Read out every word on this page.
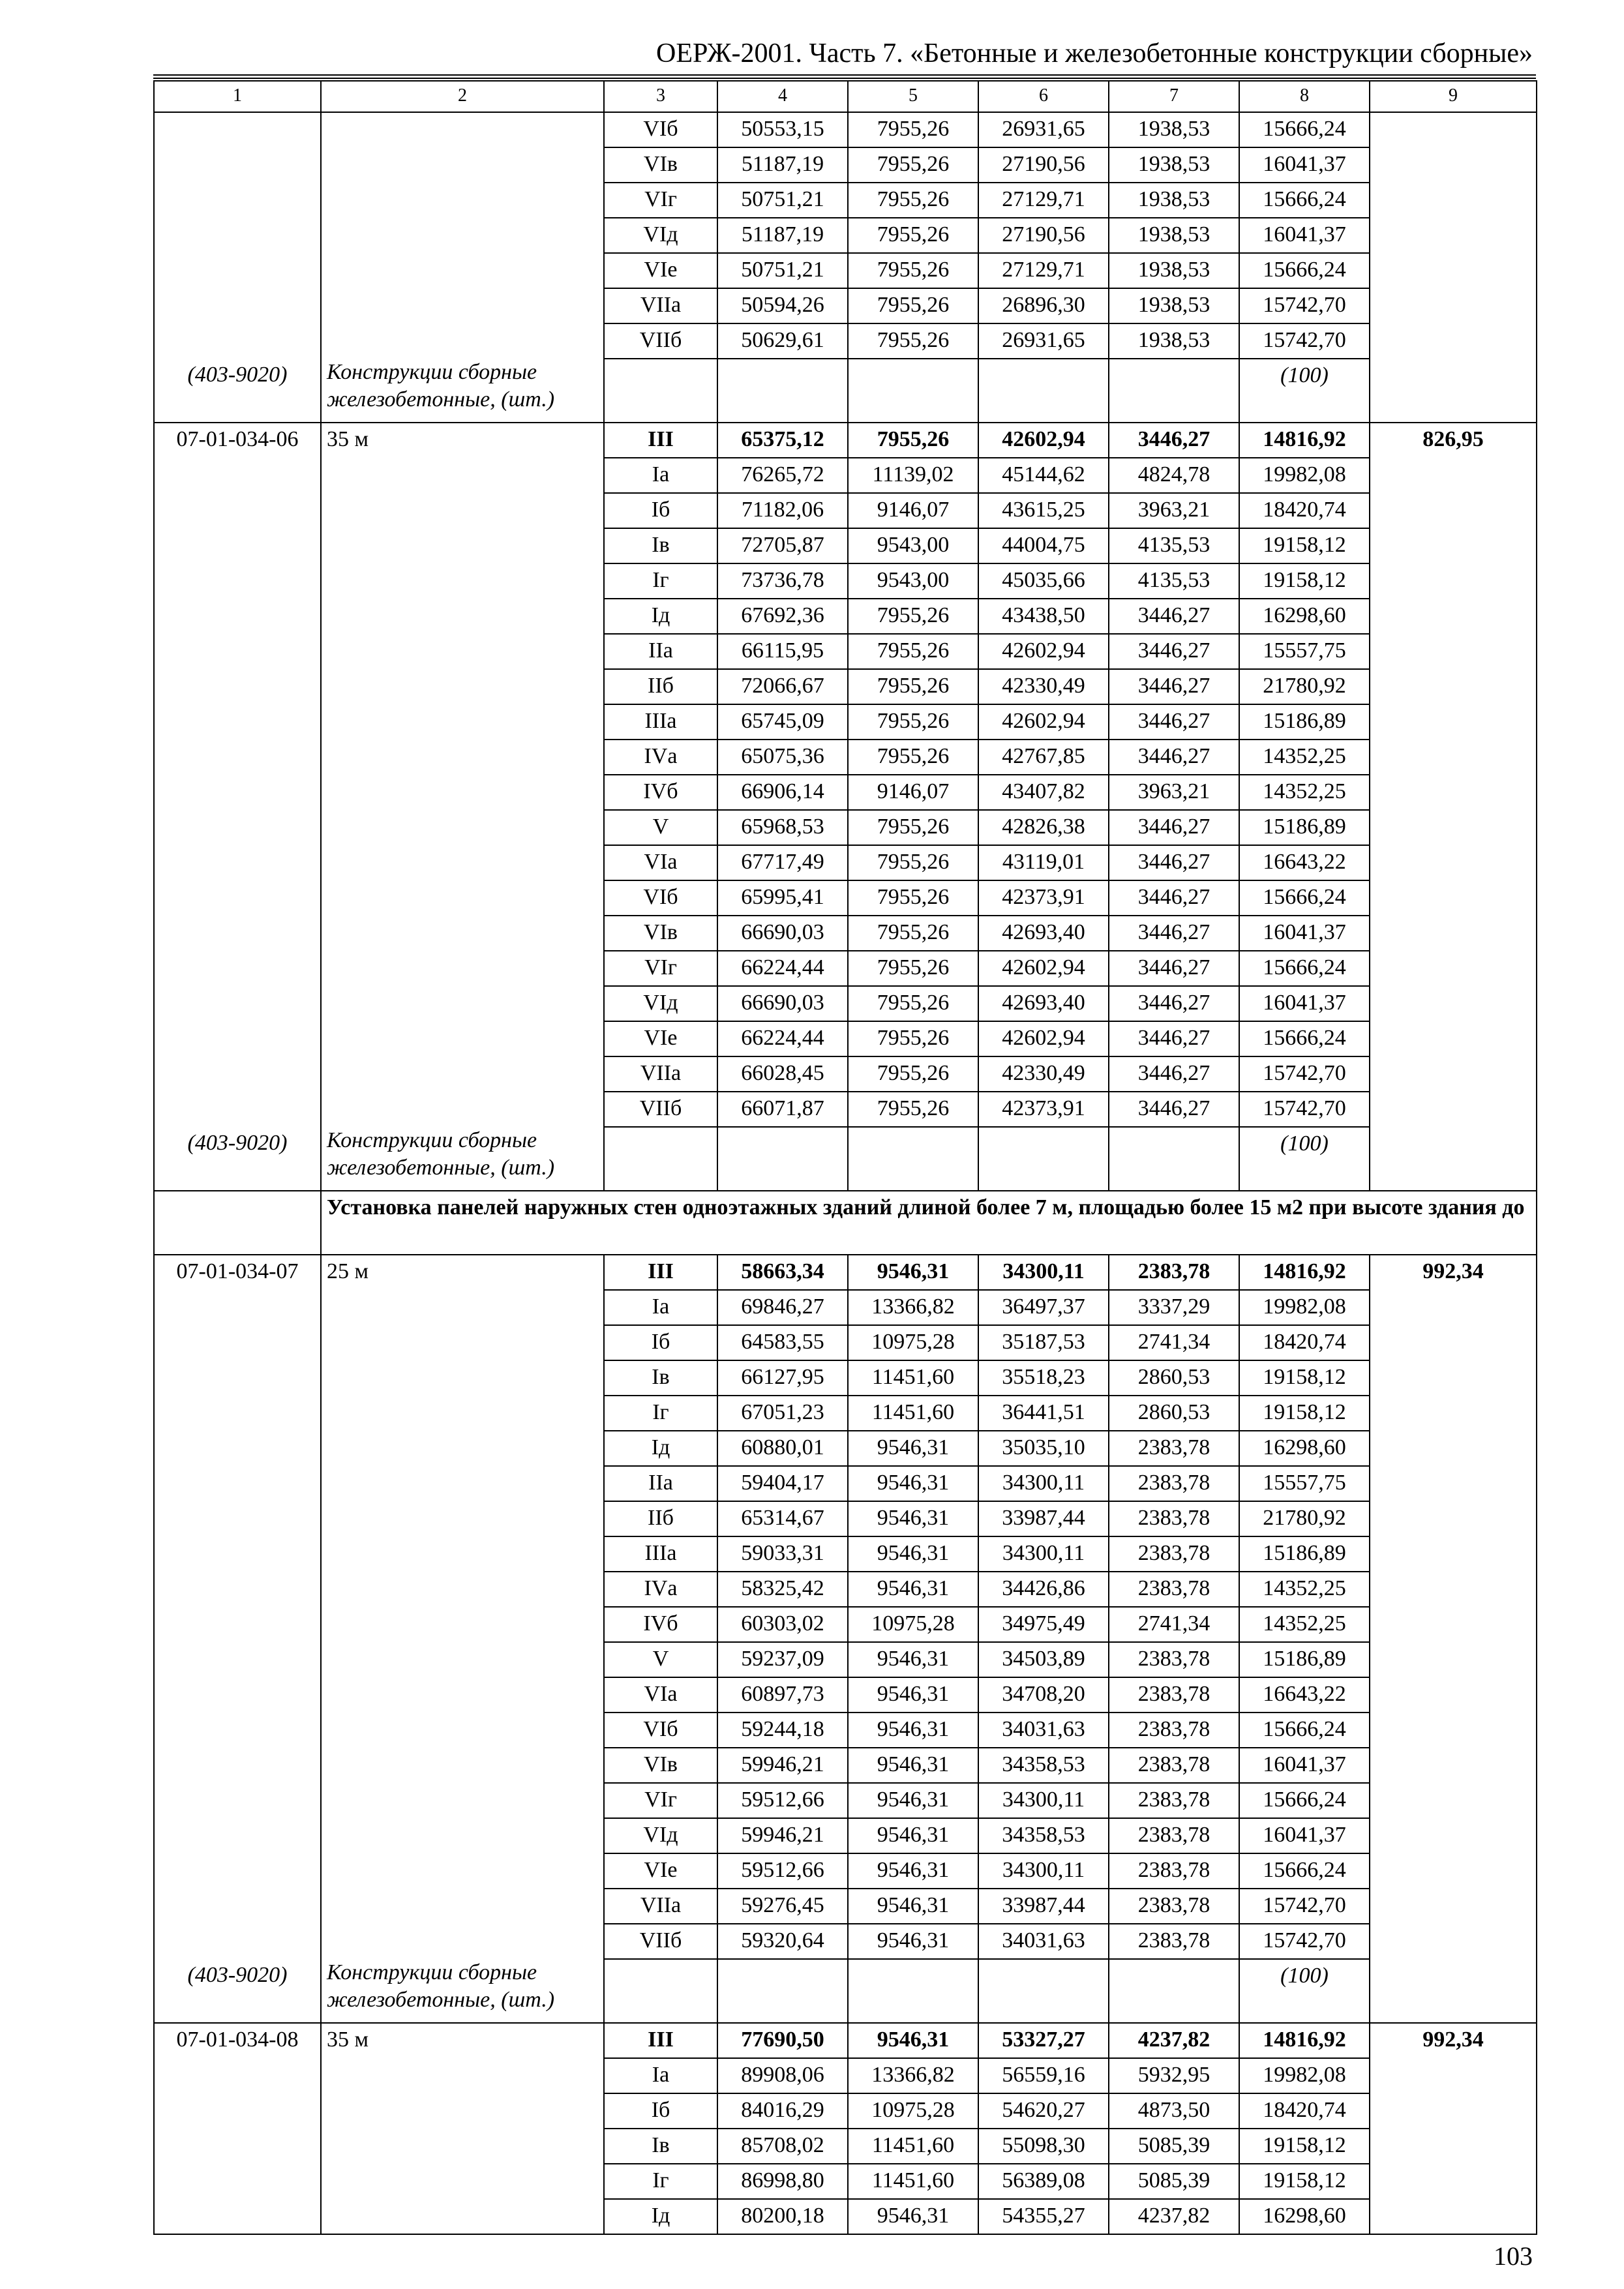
ОЕРЖ-2001. Часть 7. «Бетонные и железобетонные конструкции сборные»
1	2	3	4	5	6	7	8	9
		VIб	50553,15	7955,26	26931,65	1938,53	15666,24	
		VIв	51187,19	7955,26	27190,56	1938,53	16041,37	
		VIг	50751,21	7955,26	27129,71	1938,53	15666,24	
		VIд	51187,19	7955,26	27190,56	1938,53	16041,37	
		VIе	50751,21	7955,26	27129,71	1938,53	15666,24	
		VIIа	50594,26	7955,26	26896,30	1938,53	15742,70	
		VIIб	50629,61	7955,26	26931,65	1938,53	15742,70	
(403-9020)	Конструкции сборные железобетонные, (шт.)						(100)	
07-01-034-06	35 м	III	65375,12	7955,26	42602,94	3446,27	14816,92	826,95
		Iа	76265,72	11139,02	45144,62	4824,78	19982,08	
		Iб	71182,06	9146,07	43615,25	3963,21	18420,74	
		Iв	72705,87	9543,00	44004,75	4135,53	19158,12	
		Iг	73736,78	9543,00	45035,66	4135,53	19158,12	
		Iд	67692,36	7955,26	43438,50	3446,27	16298,60	
		IIа	66115,95	7955,26	42602,94	3446,27	15557,75	
		IIб	72066,67	7955,26	42330,49	3446,27	21780,92	
		IIIа	65745,09	7955,26	42602,94	3446,27	15186,89	
		IVа	65075,36	7955,26	42767,85	3446,27	14352,25	
		IVб	66906,14	9146,07	43407,82	3963,21	14352,25	
		V	65968,53	7955,26	42826,38	3446,27	15186,89	
		VIа	67717,49	7955,26	43119,01	3446,27	16643,22	
		VIб	65995,41	7955,26	42373,91	3446,27	15666,24	
		VIв	66690,03	7955,26	42693,40	3446,27	16041,37	
		VIг	66224,44	7955,26	42602,94	3446,27	15666,24	
		VIд	66690,03	7955,26	42693,40	3446,27	16041,37	
		VIе	66224,44	7955,26	42602,94	3446,27	15666,24	
		VIIа	66028,45	7955,26	42330,49	3446,27	15742,70	
		VIIб	66071,87	7955,26	42373,91	3446,27	15742,70	
(403-9020)	Конструкции сборные железобетонные, (шт.)						(100)	
	Установка панелей наружных стен одноэтажных зданий длиной более 7 м, площадью более 15 м2 при высоте здания до							
07-01-034-07	25 м	III	58663,34	9546,31	34300,11	2383,78	14816,92	992,34
		Iа	69846,27	13366,82	36497,37	3337,29	19982,08	
		Iб	64583,55	10975,28	35187,53	2741,34	18420,74	
		Iв	66127,95	11451,60	35518,23	2860,53	19158,12	
		Iг	67051,23	11451,60	36441,51	2860,53	19158,12	
		Iд	60880,01	9546,31	35035,10	2383,78	16298,60	
		IIа	59404,17	9546,31	34300,11	2383,78	15557,75	
		IIб	65314,67	9546,31	33987,44	2383,78	21780,92	
		IIIа	59033,31	9546,31	34300,11	2383,78	15186,89	
		IVа	58325,42	9546,31	34426,86	2383,78	14352,25	
		IVб	60303,02	10975,28	34975,49	2741,34	14352,25	
		V	59237,09	9546,31	34503,89	2383,78	15186,89	
		VIа	60897,73	9546,31	34708,20	2383,78	16643,22	
		VIб	59244,18	9546,31	34031,63	2383,78	15666,24	
		VIв	59946,21	9546,31	34358,53	2383,78	16041,37	
		VIг	59512,66	9546,31	34300,11	2383,78	15666,24	
		VIд	59946,21	9546,31	34358,53	2383,78	16041,37	
		VIе	59512,66	9546,31	34300,11	2383,78	15666,24	
		VIIа	59276,45	9546,31	33987,44	2383,78	15742,70	
		VIIб	59320,64	9546,31	34031,63	2383,78	15742,70	
(403-9020)	Конструкции сборные железобетонные, (шт.)						(100)	
07-01-034-08	35 м	III	77690,50	9546,31	53327,27	4237,82	14816,92	992,34
		Iа	89908,06	13366,82	56559,16	5932,95	19982,08	
		Iб	84016,29	10975,28	54620,27	4873,50	18420,74	
		Iв	85708,02	11451,60	55098,30	5085,39	19158,12	
		Iг	86998,80	11451,60	56389,08	5085,39	19158,12	
		Iд	80200,18	9546,31	54355,27	4237,82	16298,60	
103
